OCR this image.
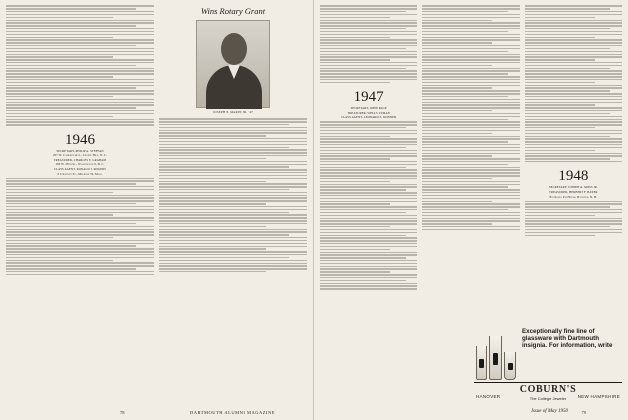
1946
SECRETARY, PHILIP A. STEFFAN
207 W. Cameron Ave., Chapel Hill, N. C.
TREASURER, CHARLES T. GRAHAM
180 W. 58th St., Washington 9, D. C.
CLASS AGENT, RONALD J. ROGERS
6 Chestnut St., Melrose 76, Mass.
Wins Rotary Grant
JOSEPH P. MARIN JR. '47
78	DARTMOUTH ALUMNI MAGAZINE
1947
SECRETARY, JOHN PAGE
TREASURER, WELLS LYMAN
CLASS AGENT, LEONARD S. DONNER
1948
SECRETARY, JOSEPH A. MOSS JR.
TREASURER, HERBERT F. BAYER
Phi Kappa Psi House, Hanover, N. H.
Exceptionally fine line of glassware with Dartmouth insignia. For information, write
HANOVER
COBURN'S
The College Jeweler	NEW HAMPSHIRE
Issue of May 1950	79
